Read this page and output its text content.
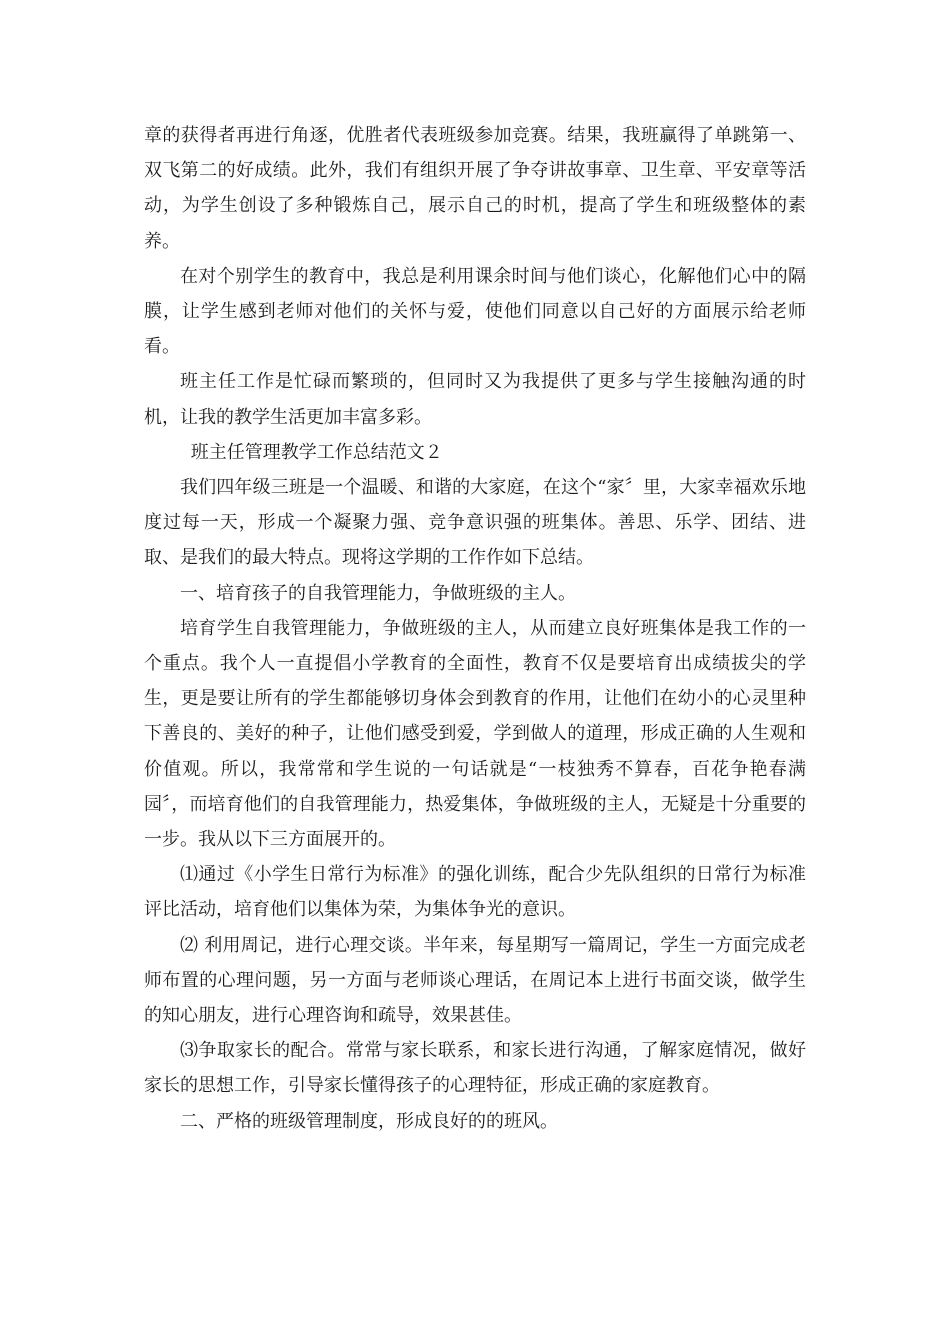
章的获得者再进行角逐，优胜者代表班级参加竞赛。结果，我班赢得了单跳第一、双飞第二的好成绩。此外，我们有组织开展了争夺讲故事章、卫生章、平安章等活动，为学生创设了多种锻炼自己，展示自己的时机，提高了学生和班级整体的素养。

在对个别学生的教育中，我总是利用课余时间与他们谈心，化解他们心中的隔膜，让学生感到老师对他们的关怀与爱，使他们同意以自己好的方面展示给老师看。

班主任工作是忙碌而繁琐的，但同时又为我提供了更多与学生接触沟通的时机，让我的教学生活更加丰富多彩。

班主任管理教学工作总结范文２

我们四年级三班是一个温暖、和谐的大家庭，在这个“家〞里，大家幸福欢乐地度过每一天，形成一个凝聚力强、竞争意识强的班集体。善思、乐学、团结、进取、是我们的最大特点。现将这学期的工作作如下总结。

一、培育孩子的自我管理能力，争做班级的主人。

培育学生自我管理能力，争做班级的主人，从而建立良好班集体是我工作的一个重点。我个人一直提倡小学教育的全面性，教育不仅是要培育出成绩拔尖的学生，更是要让所有的学生都能够切身体会到教育的作用，让他们在幼小的心灵里种下善良的、美好的种子，让他们感受到爱，学到做人的道理，形成正确的人生观和价值观。所以，我常常和学生说的一句话就是“一枝独秀不算春，百花争艳春满园〞，而培育他们的自我管理能力，热爱集体，争做班级的主人，无疑是十分重要的一步。我从以下三方面展开的。

⑴通过《小学生日常行为标准》的强化训练，配合少先队组织的日常行为标准评比活动，培育他们以集体为荣，为集体争光的意识。

⑵ 利用周记，进行心理交谈。半年来，每星期写一篇周记，学生一方面完成老师布置的心理问题，另一方面与老师谈心理话，在周记本上进行书面交谈，做学生的知心朋友，进行心理咨询和疏导，效果甚佳。

⑶争取家长的配合。常常与家长联系，和家长进行沟通，了解家庭情况，做好家长的思想工作，引导家长懂得孩子的心理特征，形成正确的家庭教育。

二、严格的班级管理制度，形成良好的的班风。
